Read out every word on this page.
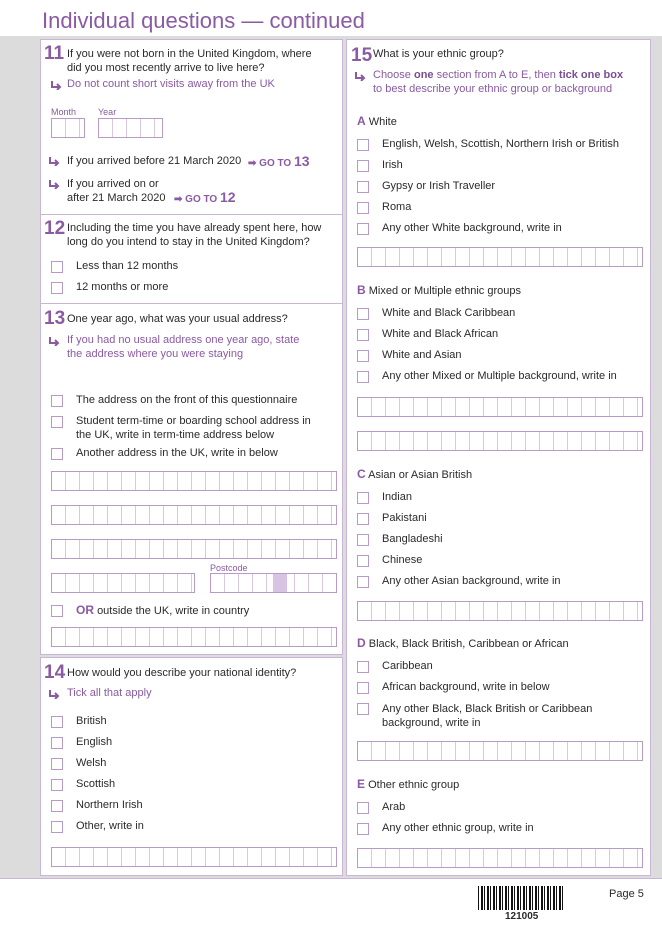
Individual questions — continued
11 If you were not born in the United Kingdom, where
did you most recently arrive to live here?
Do not count short visits away from the UK
Month Year
If you arrived before 21 March 2020 ➡ GO TO 13
If you arrived on or
after 21 March 2020 ➡ GO TO 12
12 Including the time you have already spent here, how
long do you intend to stay in the United Kingdom?
Less than 12 months
12 months or more
13 One year ago, what was your usual address?
If you had no usual address one year ago, state
the address where you were staying
The address on the front of this questionnaire
Student term-time or boarding school address in
the UK, write in term-time address below
Another address in the UK, write in below
Postcode
OR outside the UK, write in country
14 How would you describe your national identity?
Tick all that apply
British
English
Welsh
Scottish
Northern Irish
Other, write in
15 What is your ethnic group?
Choose one section from A to E, then tick one box
to best describe your ethnic group or background
A White
English, Welsh, Scottish, Northern Irish or British
Irish
Gypsy or Irish Traveller
Roma
Any other White background, write in
B Mixed or Multiple ethnic groups
White and Black Caribbean
White and Black African
White and Asian
Any other Mixed or Multiple background, write in
C Asian or Asian British
Indian
Pakistani
Bangladeshi
Chinese
Any other Asian background, write in
D Black, Black British, Caribbean or African
Caribbean
African background, write in below
Any other Black, Black British or Caribbean
background, write in
E Other ethnic group
Arab
Any other ethnic group, write in
121005
Page 5
